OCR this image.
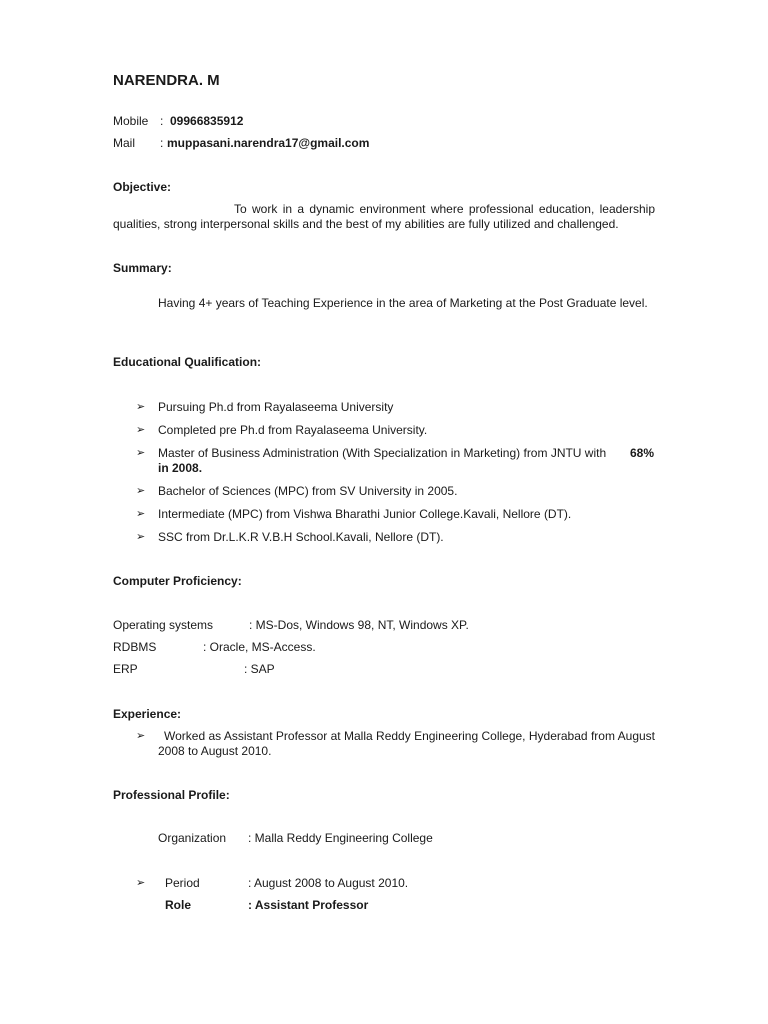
NARENDRA. M
Mobile : 09966835912
Mail : muppasani.narendra17@gmail.com
Objective:
To work in a dynamic environment where professional education, leadership qualities, strong interpersonal skills and the best of my abilities are fully utilized and challenged.
Summary:
Having 4+ years of Teaching Experience in the area of Marketing at the Post Graduate level.
Educational Qualification:
➢ Pursuing Ph.d from Rayalaseema University
➢ Completed pre Ph.d from Rayalaseema University.
➢ Master of Business Administration (With Specialization in Marketing) from JNTU with 68%
in 2008.
➢ Bachelor of Sciences (MPC) from SV University in 2005.
➢ Intermediate (MPC) from Vishwa Bharathi Junior College.Kavali, Nellore (DT).
➢ SSC from Dr.L.K.R V.B.H School.Kavali, Nellore (DT).
Computer Proficiency:
Operating systems	: MS-Dos, Windows 98, NT, Windows XP.
RDBMS	: Oracle, MS-Access.
ERP	: SAP
Experience:
➢	Worked as Assistant Professor at Malla Reddy Engineering College, Hyderabad from August 2008 to August 2010.
Professional Profile:
Organization : Malla Reddy Engineering College
➢ Period	: August 2008 to August 2010.
Role	: Assistant Professor
